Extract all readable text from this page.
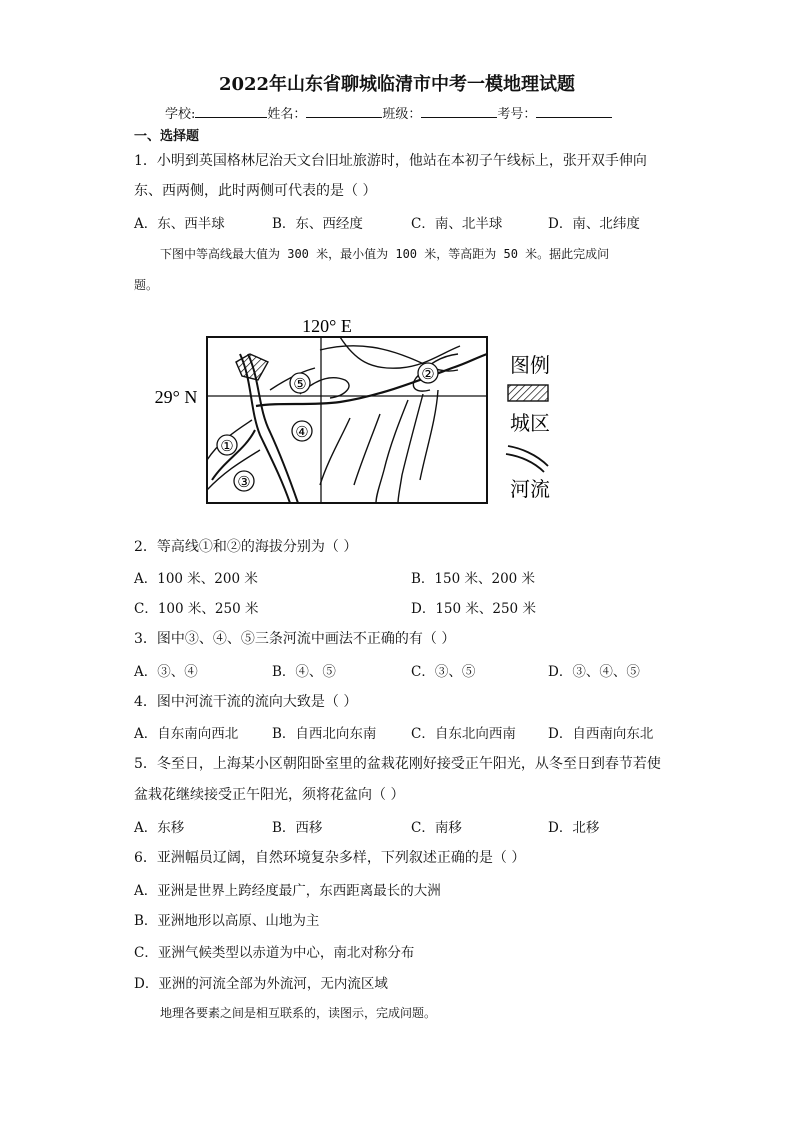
2022年山东省聊城临清市中考一模地理试题
学校:	姓名：	班级：	考号：
一、选择题
1．小明到英国格林尼治天文台旧址旅游时，他站在本初子午线标上，张开双手伸向
东、西两侧，此时两侧可代表的是（ ）
A．东、西半球	B．东、西经度	C．南、北半球	D．南、北纬度
下图中等高线最大值为 300 米，最小值为 100 米，等高距为 50 米。据此完成问
题。
120° E
29° N
⑤
②
④
①
③
图例
城区
河流
2．等高线①和②的海拔分别为（ ）
A．100 米、200 米	B．150 米、200 米
C．100 米、250 米	D．150 米、250 米
3．图中③、④、⑤三条河流中画法不正确的有（ ）
A．③、④	B．④、⑤	C．③、⑤	D．③、④、⑤
4．图中河流干流的流向大致是（ ）
A．自东南向西北	B．自西北向东南	C．自东北向西南 D．自西南向东北
5．冬至日，上海某小区朝阳卧室里的盆栽花刚好接受正午阳光，从冬至日到春节若使
盆栽花继续接受正午阳光，须将花盆向（ ）
A．东移	B．西移	C．南移	D．北移
6．亚洲幅员辽阔，自然环境复杂多样，下列叙述正确的是（ ）
A．亚洲是世界上跨经度最广，东西距离最长的大洲
B．亚洲地形以高原、山地为主
C．亚洲气候类型以赤道为中心，南北对称分布
D．亚洲的河流全部为外流河，无内流区域
地理各要素之间是相互联系的，读图示，完成问题。
